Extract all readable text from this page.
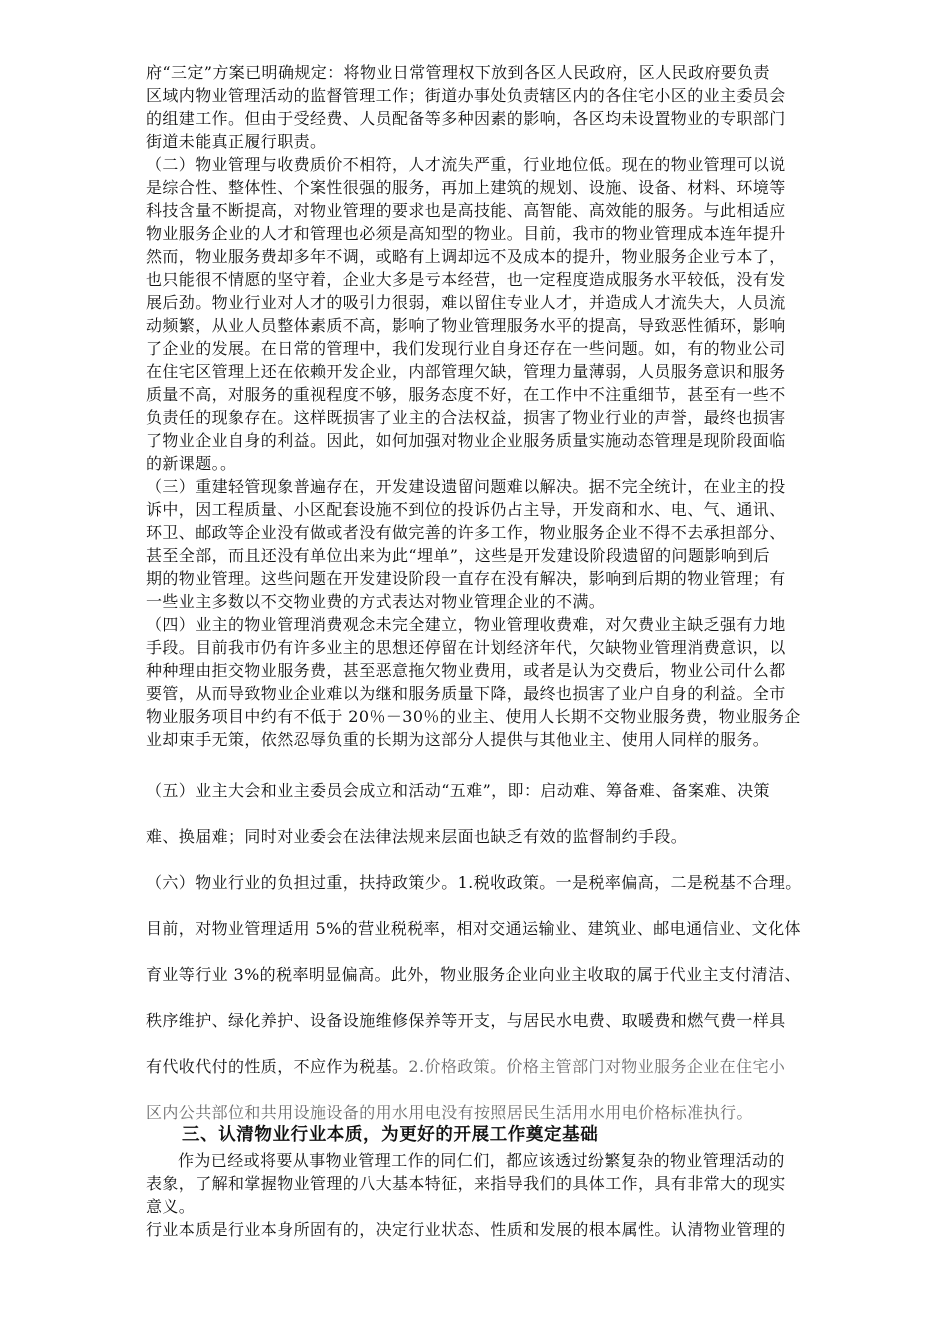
府“三定”方案已明确规定：将物业日常管理权下放到各区人民政府，区人民政府要负责
区域内物业管理活动的监督管理工作；街道办事处负责辖区内的各住宅小区的业主委员会
的组建工作。但由于受经费、人员配备等多种因素的影响，各区均未设置物业的专职部门
街道未能真正履行职责。
（二）物业管理与收费质价不相符，人才流失严重，行业地位低。现在的物业管理可以说
是综合性、整体性、个案性很强的服务，再加上建筑的规划、设施、设备、材料、环境等
科技含量不断提高，对物业管理的要求也是高技能、高智能、高效能的服务。与此相适应
物业服务企业的人才和管理也必须是高知型的物业。目前，我市的物业管理成本连年提升
然而，物业服务费却多年不调，或略有上调却远不及成本的提升，物业服务企业亏本了，
也只能很不情愿的坚守着，企业大多是亏本经营，也一定程度造成服务水平较低，没有发
展后劲。物业行业对人才的吸引力很弱，难以留住专业人才，并造成人才流失大，人员流
动频繁，从业人员整体素质不高，影响了物业管理服务水平的提高，导致恶性循环，影响
了企业的发展。在日常的管理中，我们发现行业自身还存在一些问题。如，有的物业公司
在住宅区管理上还在依赖开发企业，内部管理欠缺，管理力量薄弱，人员服务意识和服务
质量不高，对服务的重视程度不够，服务态度不好，在工作中不注重细节，甚至有一些不
负责任的现象存在。这样既损害了业主的合法权益，损害了物业行业的声誉，最终也损害
了物业企业自身的利益。因此，如何加强对物业企业服务质量实施动态管理是现阶段面临
的新课题。。
（三）重建轻管现象普遍存在，开发建设遗留问题难以解决。据不完全统计，在业主的投
诉中，因工程质量、小区配套设施不到位的投诉仍占主导，开发商和水、电、气、通讯、
环卫、邮政等企业没有做或者没有做完善的许多工作，物业服务企业不得不去承担部分、
甚至全部，而且还没有单位出来为此“埋单”，这些是开发建设阶段遗留的问题影响到后
期的物业管理。这些问题在开发建设阶段一直存在没有解决，影响到后期的物业管理；有
一些业主多数以不交物业费的方式表达对物业管理企业的不满。
（四）业主的物业管理消费观念未完全建立，物业管理收费难，对欠费业主缺乏强有力地
手段。目前我市仍有许多业主的思想还停留在计划经济年代，欠缺物业管理消费意识，以
种种理由拒交物业服务费，甚至恶意拖欠物业费用，或者是认为交费后，物业公司什么都
要管，从而导致物业企业难以为继和服务质量下降，最终也损害了业户自身的利益。全市
物业服务项目中约有不低于 20％－30％的业主、使用人长期不交物业服务费，物业服务企
业却束手无策，依然忍辱负重的长期为这部分人提供与其他业主、使用人同样的服务。
（五）业主大会和业主委员会成立和活动“五难”，即：启动难、筹备难、备案难、决策
难、换届难；同时对业委会在法律法规来层面也缺乏有效的监督制约手段。
（六）物业行业的负担过重，扶持政策少。1.税收政策。一是税率偏高，二是税基不合理。
目前，对物业管理适用 5%的营业税税率，相对交通运输业、建筑业、邮电通信业、文化体
育业等行业 3%的税率明显偏高。此外，物业服务企业向业主收取的属于代业主支付清洁、
秩序维护、绿化养护、设备设施维修保养等开支，与居民水电费、取暖费和燃气费一样具
有代收代付的性质，不应作为税基。2.价格政策。价格主管部门对物业服务企业在住宅小
区内公共部位和共用设施设备的用水用电没有按照居民生活用水用电价格标准执行。
三、认清物业行业本质，为更好的开展工作奠定基础
作为已经或将要从事物业管理工作的同仁们，都应该透过纷繁复杂的物业管理活动的
表象，了解和掌握物业管理的八大基本特征，来指导我们的具体工作，具有非常大的现实
意义。
行业本质是行业本身所固有的，决定行业状态、性质和发展的根本属性。认清物业管理的
